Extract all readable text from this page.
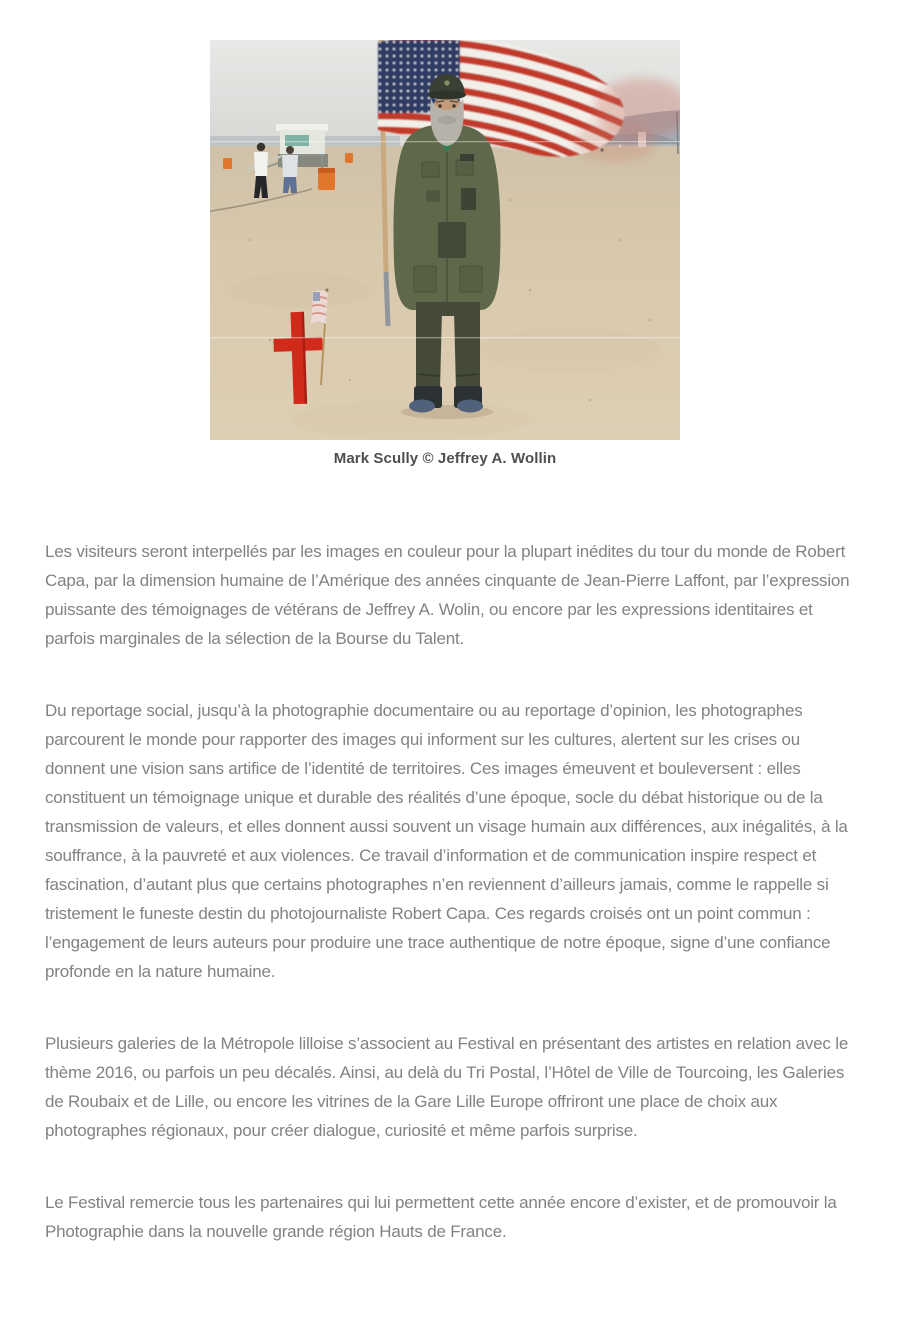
Mark Scully © Jeffrey A. Wollin

Les visiteurs seront interpellés par les images en couleur pour la plupart inédites du tour du monde de Robert Capa, par la dimension humaine de l’Amérique des années cinquante de Jean-Pierre Laffont, par l’expression puissante des témoignages de vétérans de Jeffrey A. Wolin, ou encore par les expressions identitaires et parfois marginales de la sélection de la Bourse du Talent.

Du reportage social, jusqu’à la photographie documentaire ou au reportage d’opinion, les photographes parcourent le monde pour rapporter des images qui informent sur les cultures, alertent sur les crises ou donnent une vision sans artifice de l’identité de territoires. Ces images émeuvent et bouleversent : elles constituent un témoignage unique et durable des réalités d’une époque, socle du débat historique ou de la transmission de valeurs, et elles donnent aussi souvent un visage humain aux différences, aux inégalités, à la souffrance, à la pauvreté et aux violences. Ce travail d’information et de communication inspire respect et fascination, d’autant plus que certains photographes n’en reviennent d’ailleurs jamais, comme le rappelle si tristement le funeste destin du photojournaliste Robert Capa. Ces regards croisés ont un point commun : l’engagement de leurs auteurs pour produire une trace authentique de notre époque, signe d’une confiance profonde en la nature humaine.

Plusieurs galeries de la Métropole lilloise s’associent au Festival en présentant des artistes en relation avec le thème 2016, ou parfois un peu décalés. Ainsi, au delà du Tri Postal, l’Hôtel de Ville de Tourcoing, les Galeries de Roubaix et de Lille, ou encore les vitrines de la Gare Lille Europe offriront une place de choix aux photographes régionaux, pour créer dialogue, curiosité et même parfois surprise.

Le Festival remercie tous les partenaires qui lui permettent cette année encore d’exister, et de promouvoir la Photographie dans la nouvelle grande région Hauts de France.
